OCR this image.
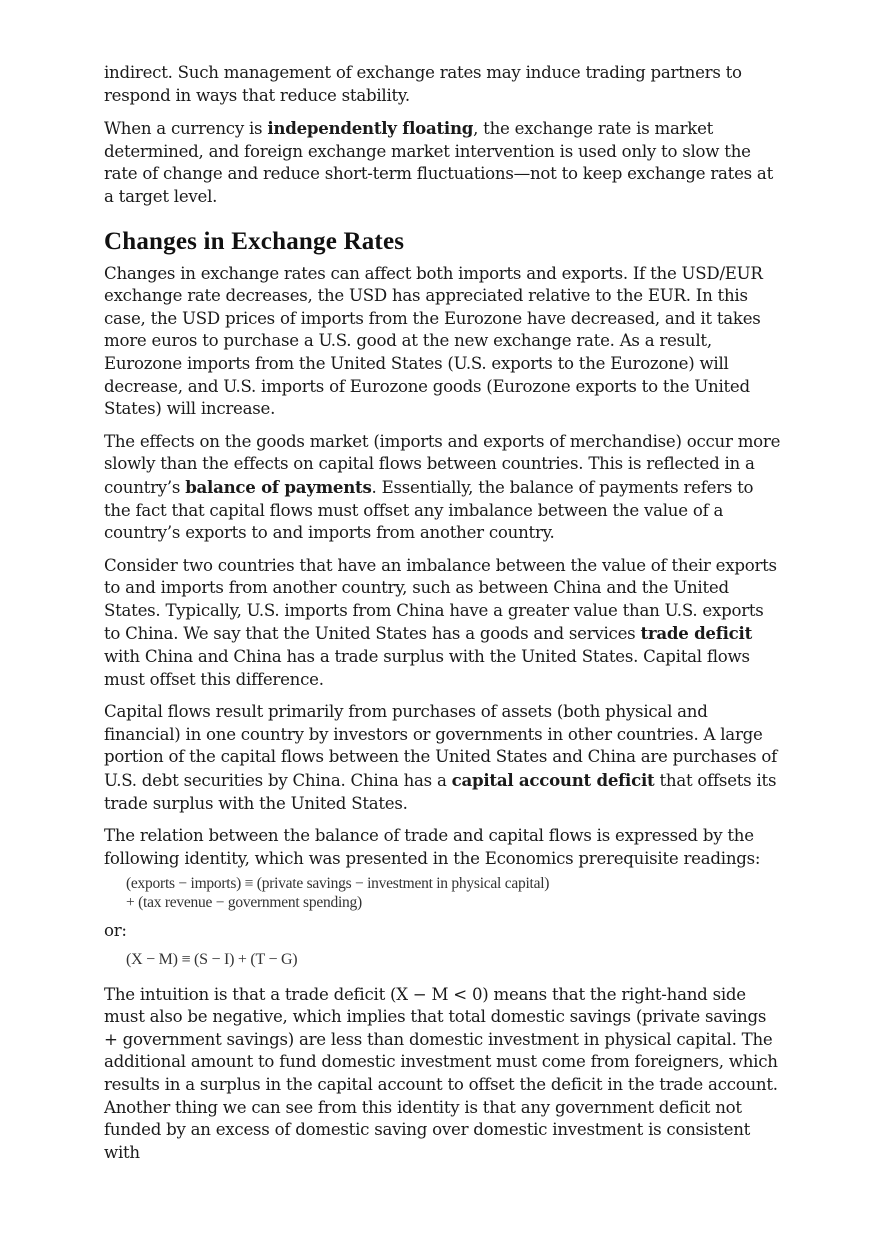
indirect. Such management of exchange rates may induce trading partners to respond in ways that reduce stability.

When a currency is independently floating, the exchange rate is market determined, and foreign exchange market intervention is used only to slow the rate of change and reduce short-term fluctuations—not to keep exchange rates at a target level.

Changes in Exchange Rates

Changes in exchange rates can affect both imports and exports. If the USD/EUR exchange rate decreases, the USD has appreciated relative to the EUR. In this case, the USD prices of imports from the Eurozone have decreased, and it takes more euros to purchase a U.S. good at the new exchange rate. As a result, Eurozone imports from the United States (U.S. exports to the Eurozone) will decrease, and U.S. imports of Eurozone goods (Eurozone exports to the United States) will increase.

The effects on the goods market (imports and exports of merchandise) occur more slowly than the effects on capital flows between countries. This is reflected in a country’s balance of payments. Essentially, the balance of payments refers to the fact that capital flows must offset any imbalance between the value of a country’s exports to and imports from another country.

Consider two countries that have an imbalance between the value of their exports to and imports from another country, such as between China and the United States. Typically, U.S. imports from China have a greater value than U.S. exports to China. We say that the United States has a goods and services trade deficit with China and China has a trade surplus with the United States. Capital flows must offset this difference.

Capital flows result primarily from purchases of assets (both physical and financial) in one country by investors or governments in other countries. A large portion of the capital flows between the United States and China are purchases of U.S. debt securities by China. China has a capital account deficit that offsets its trade surplus with the United States.

The relation between the balance of trade and capital flows is expressed by the following identity, which was presented in the Economics prerequisite readings:

(exports − imports) ≡ (private savings − investment in physical capital)
+ (tax revenue − government spending)

or:

(X − M) ≡ (S − I) + (T − G)

The intuition is that a trade deficit (X − M < 0) means that the right-hand side must also be negative, which implies that total domestic savings (private savings + government savings) are less than domestic investment in physical capital. The additional amount to fund domestic investment must come from foreigners, which results in a surplus in the capital account to offset the deficit in the trade account. Another thing we can see from this identity is that any government deficit not funded by an excess of domestic saving over domestic investment is consistent with
